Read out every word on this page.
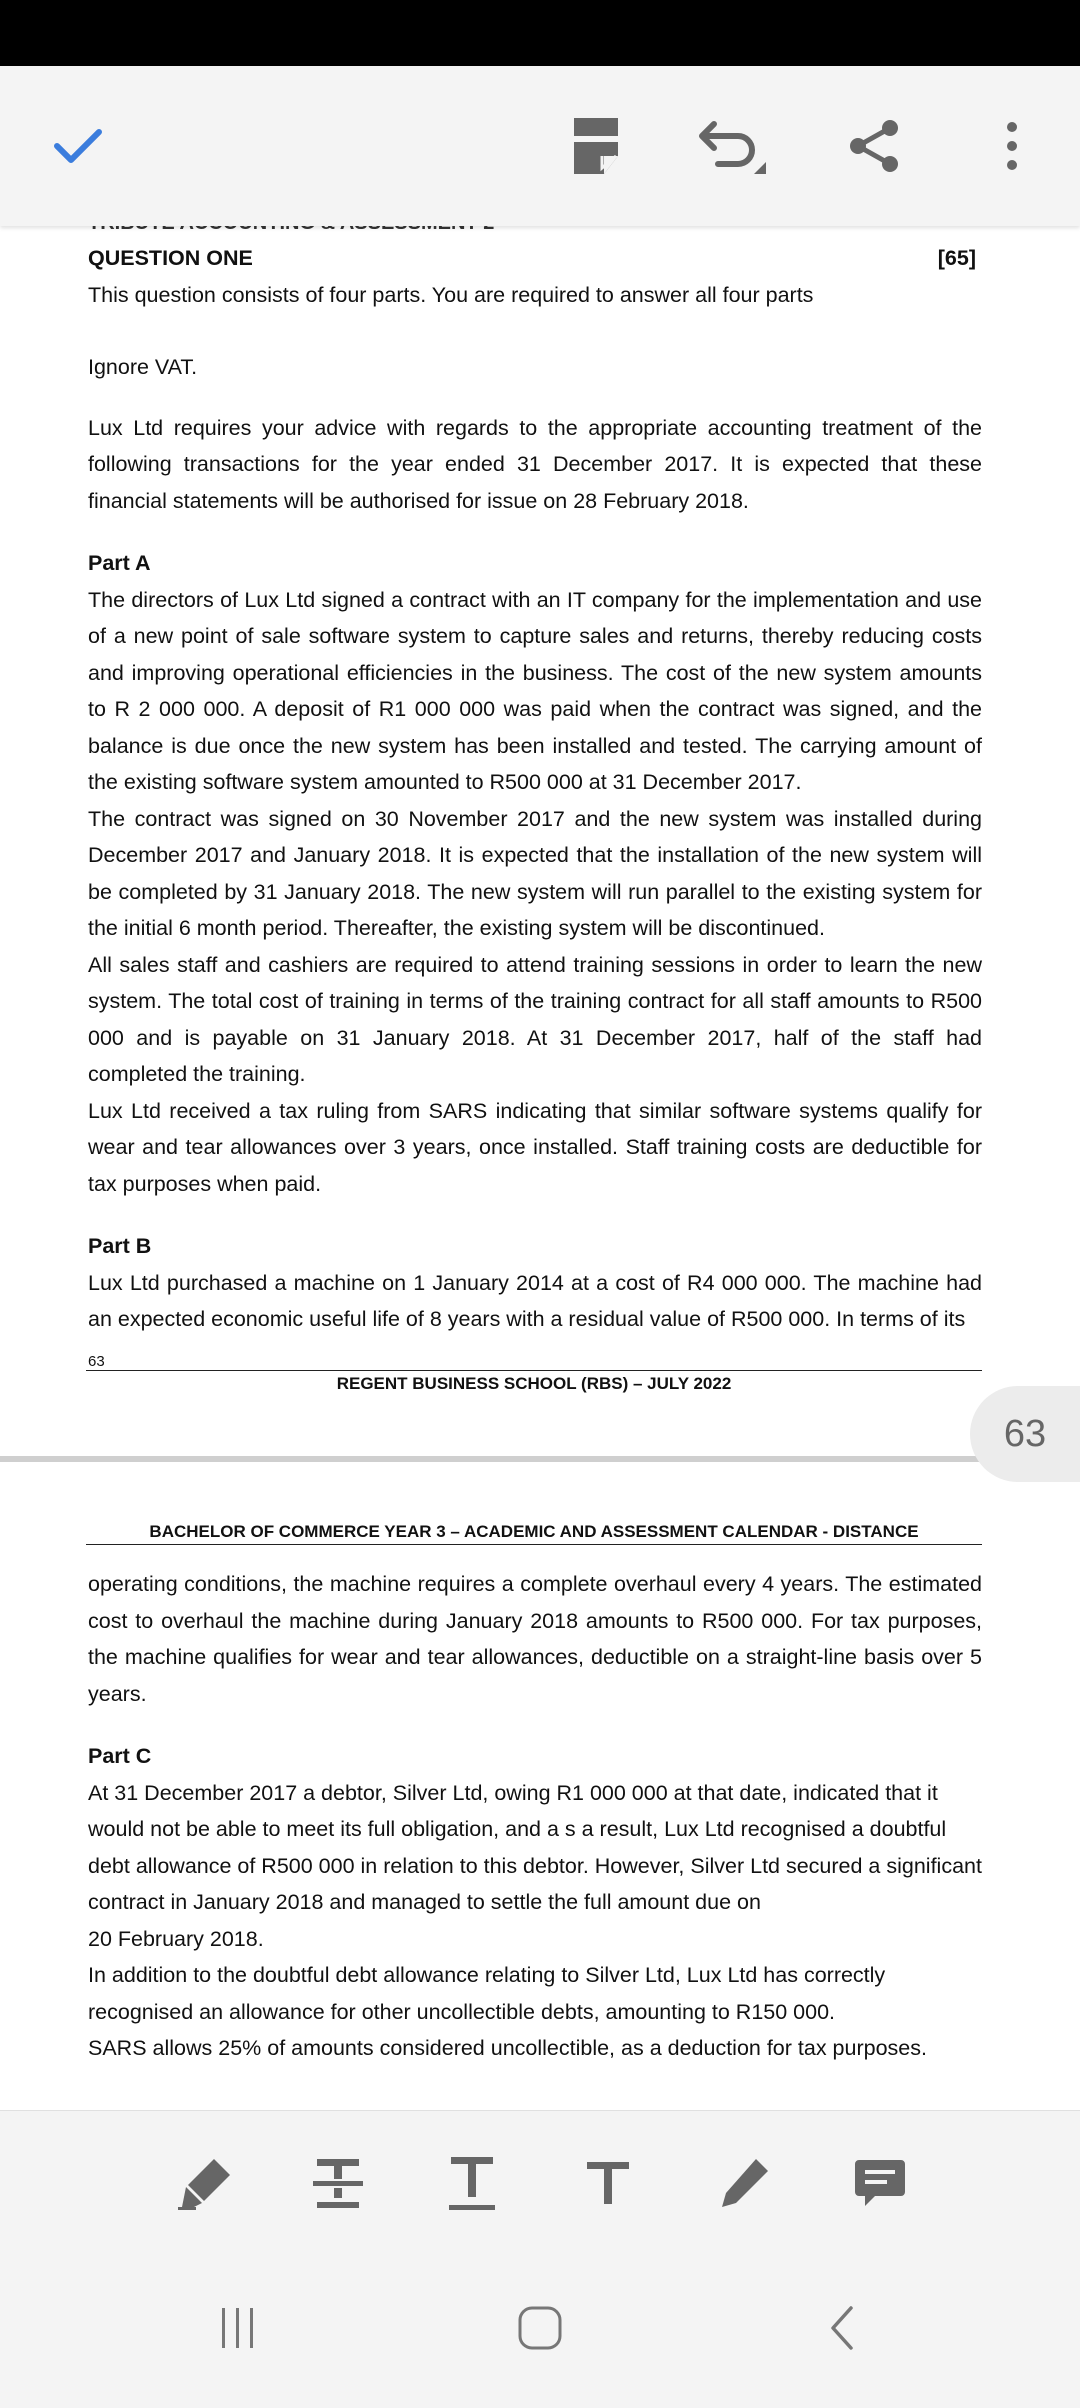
QUESTION ONE	[65]

This question consists of four parts. You are required to answer all four parts

Ignore VAT.

Lux Ltd requires your advice with regards to the appropriate accounting treatment of the following transactions for the year ended 31 December 2017. It is expected that these financial statements will be authorised for issue on 28 February 2018.

Part A

The directors of Lux Ltd signed a contract with an IT company for the implementation and use of a new point of sale software system to capture sales and returns, thereby reducing costs and improving operational efficiencies in the business. The cost of the new system amounts to R 2 000 000. A deposit of R1 000 000 was paid when the contract was signed, and the balance is due once the new system has been installed and tested. The carrying amount of the existing software system amounted to R500 000 at 31 December 2017.

The contract was signed on 30 November 2017 and the new system was installed during December 2017 and January 2018. It is expected that the installation of the new system will be completed by 31 January 2018. The new system will run parallel to the existing system for the initial 6 month period. Thereafter, the existing system will be discontinued.

All sales staff and cashiers are required to attend training sessions in order to learn the new system. The total cost of training in terms of the training contract for all staff amounts to R500 000 and is payable on 31 January 2018. At 31 December 2017, half of the staff had completed the training.

Lux Ltd received a tax ruling from SARS indicating that similar software systems qualify for wear and tear allowances over 3 years, once installed. Staff training costs are deductible for tax purposes when paid.

Part B

Lux Ltd purchased a machine on 1 January 2014 at a cost of R4 000 000. The machine had an expected economic useful life of 8 years with a residual value of R500 000. In terms of its

63
REGENT BUSINESS SCHOOL (RBS) – JULY 2022
63
BACHELOR OF COMMERCE YEAR 3 – ACADEMIC AND ASSESSMENT CALENDAR - DISTANCE

operating conditions, the machine requires a complete overhaul every 4 years. The estimated cost to overhaul the machine during January 2018 amounts to R500 000. For tax purposes, the machine qualifies for wear and tear allowances, deductible on a straight-line basis over 5 years.

Part C

At 31 December 2017 a debtor, Silver Ltd, owing R1 000 000 at that date, indicated that it would not be able to meet its full obligation, and a s a result, Lux Ltd recognised a doubtful debt allowance of R500 000 in relation to this debtor. However, Silver Ltd secured a significant contract in January 2018 and managed to settle the full amount due on

20 February 2018.

In addition to the doubtful debt allowance relating to Silver Ltd, Lux Ltd has correctly recognised an allowance for other uncollectible debts, amounting to R150 000.

SARS allows 25% of amounts considered uncollectible, as a deduction for tax purposes.
